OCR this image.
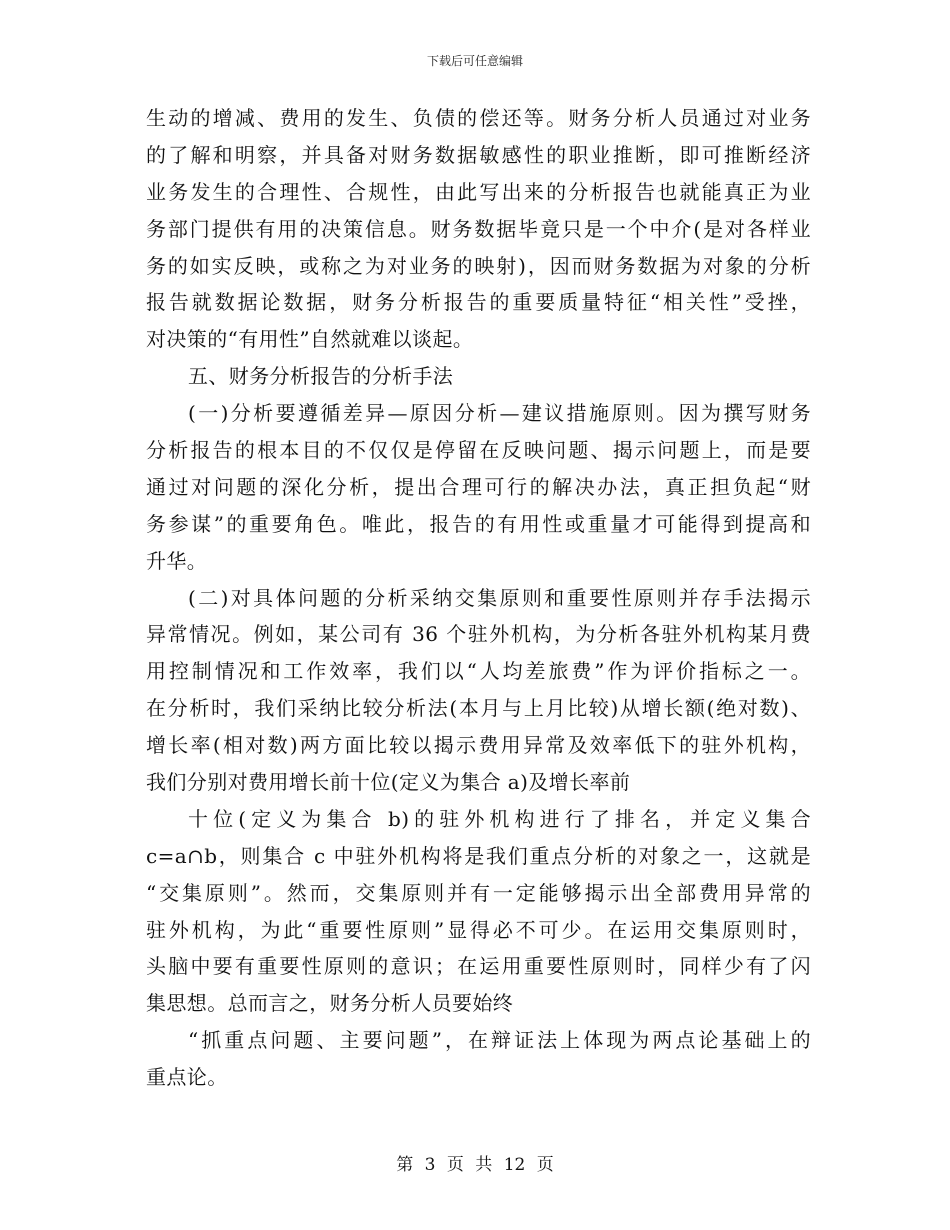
下载后可任意编辑
生动的增减、费用的发生、负债的偿还等。财务分析人员通过对业务
的了解和明察，并具备对财务数据敏感性的职业推断，即可推断经济
业务发生的合理性、合规性，由此写出来的分析报告也就能真正为业
务部门提供有用的决策信息。财务数据毕竟只是一个中介(是对各样业
务的如实反映，或称之为对业务的映射)，因而财务数据为对象的分析
报告就数据论数据，财务分析报告的重要质量特征“相关性”受挫，
对决策的“有用性”自然就难以谈起。
五、财务分析报告的分析手法
(一)分析要遵循差异—原因分析—建议措施原则。因为撰写财务
分析报告的根本目的不仅仅是停留在反映问题、揭示问题上，而是要
通过对问题的深化分析，提出合理可行的解决办法，真正担负起“财
务参谋”的重要角色。唯此，报告的有用性或重量才可能得到提高和
升华。
(二)对具体问题的分析采纳交集原则和重要性原则并存手法揭示
异常情况。例如，某公司有 36 个驻外机构，为分析各驻外机构某月费
用控制情况和工作效率，我们以“人均差旅费”作为评价指标之一。
在分析时，我们采纳比较分析法(本月与上月比较)从增长额(绝对数)、
增长率(相对数)两方面比较以揭示费用异常及效率低下的驻外机构，
我们分别对费用增长前十位(定义为集合 a)及增长率前
十位(定义为集合 b)的驻外机构进行了排名，并定义集合
c=a∩b，则集合 c 中驻外机构将是我们重点分析的对象之一，这就是
“交集原则”。然而，交集原则并有一定能够揭示出全部费用异常的
驻外机构，为此“重要性原则”显得必不可少。在运用交集原则时，
头脑中要有重要性原则的意识；在运用重要性原则时，同样少有了闪
集思想。总而言之，财务分析人员要始终
“抓重点问题、主要问题”，在辩证法上体现为两点论基础上的
重点论。
第 3 页 共 12 页
